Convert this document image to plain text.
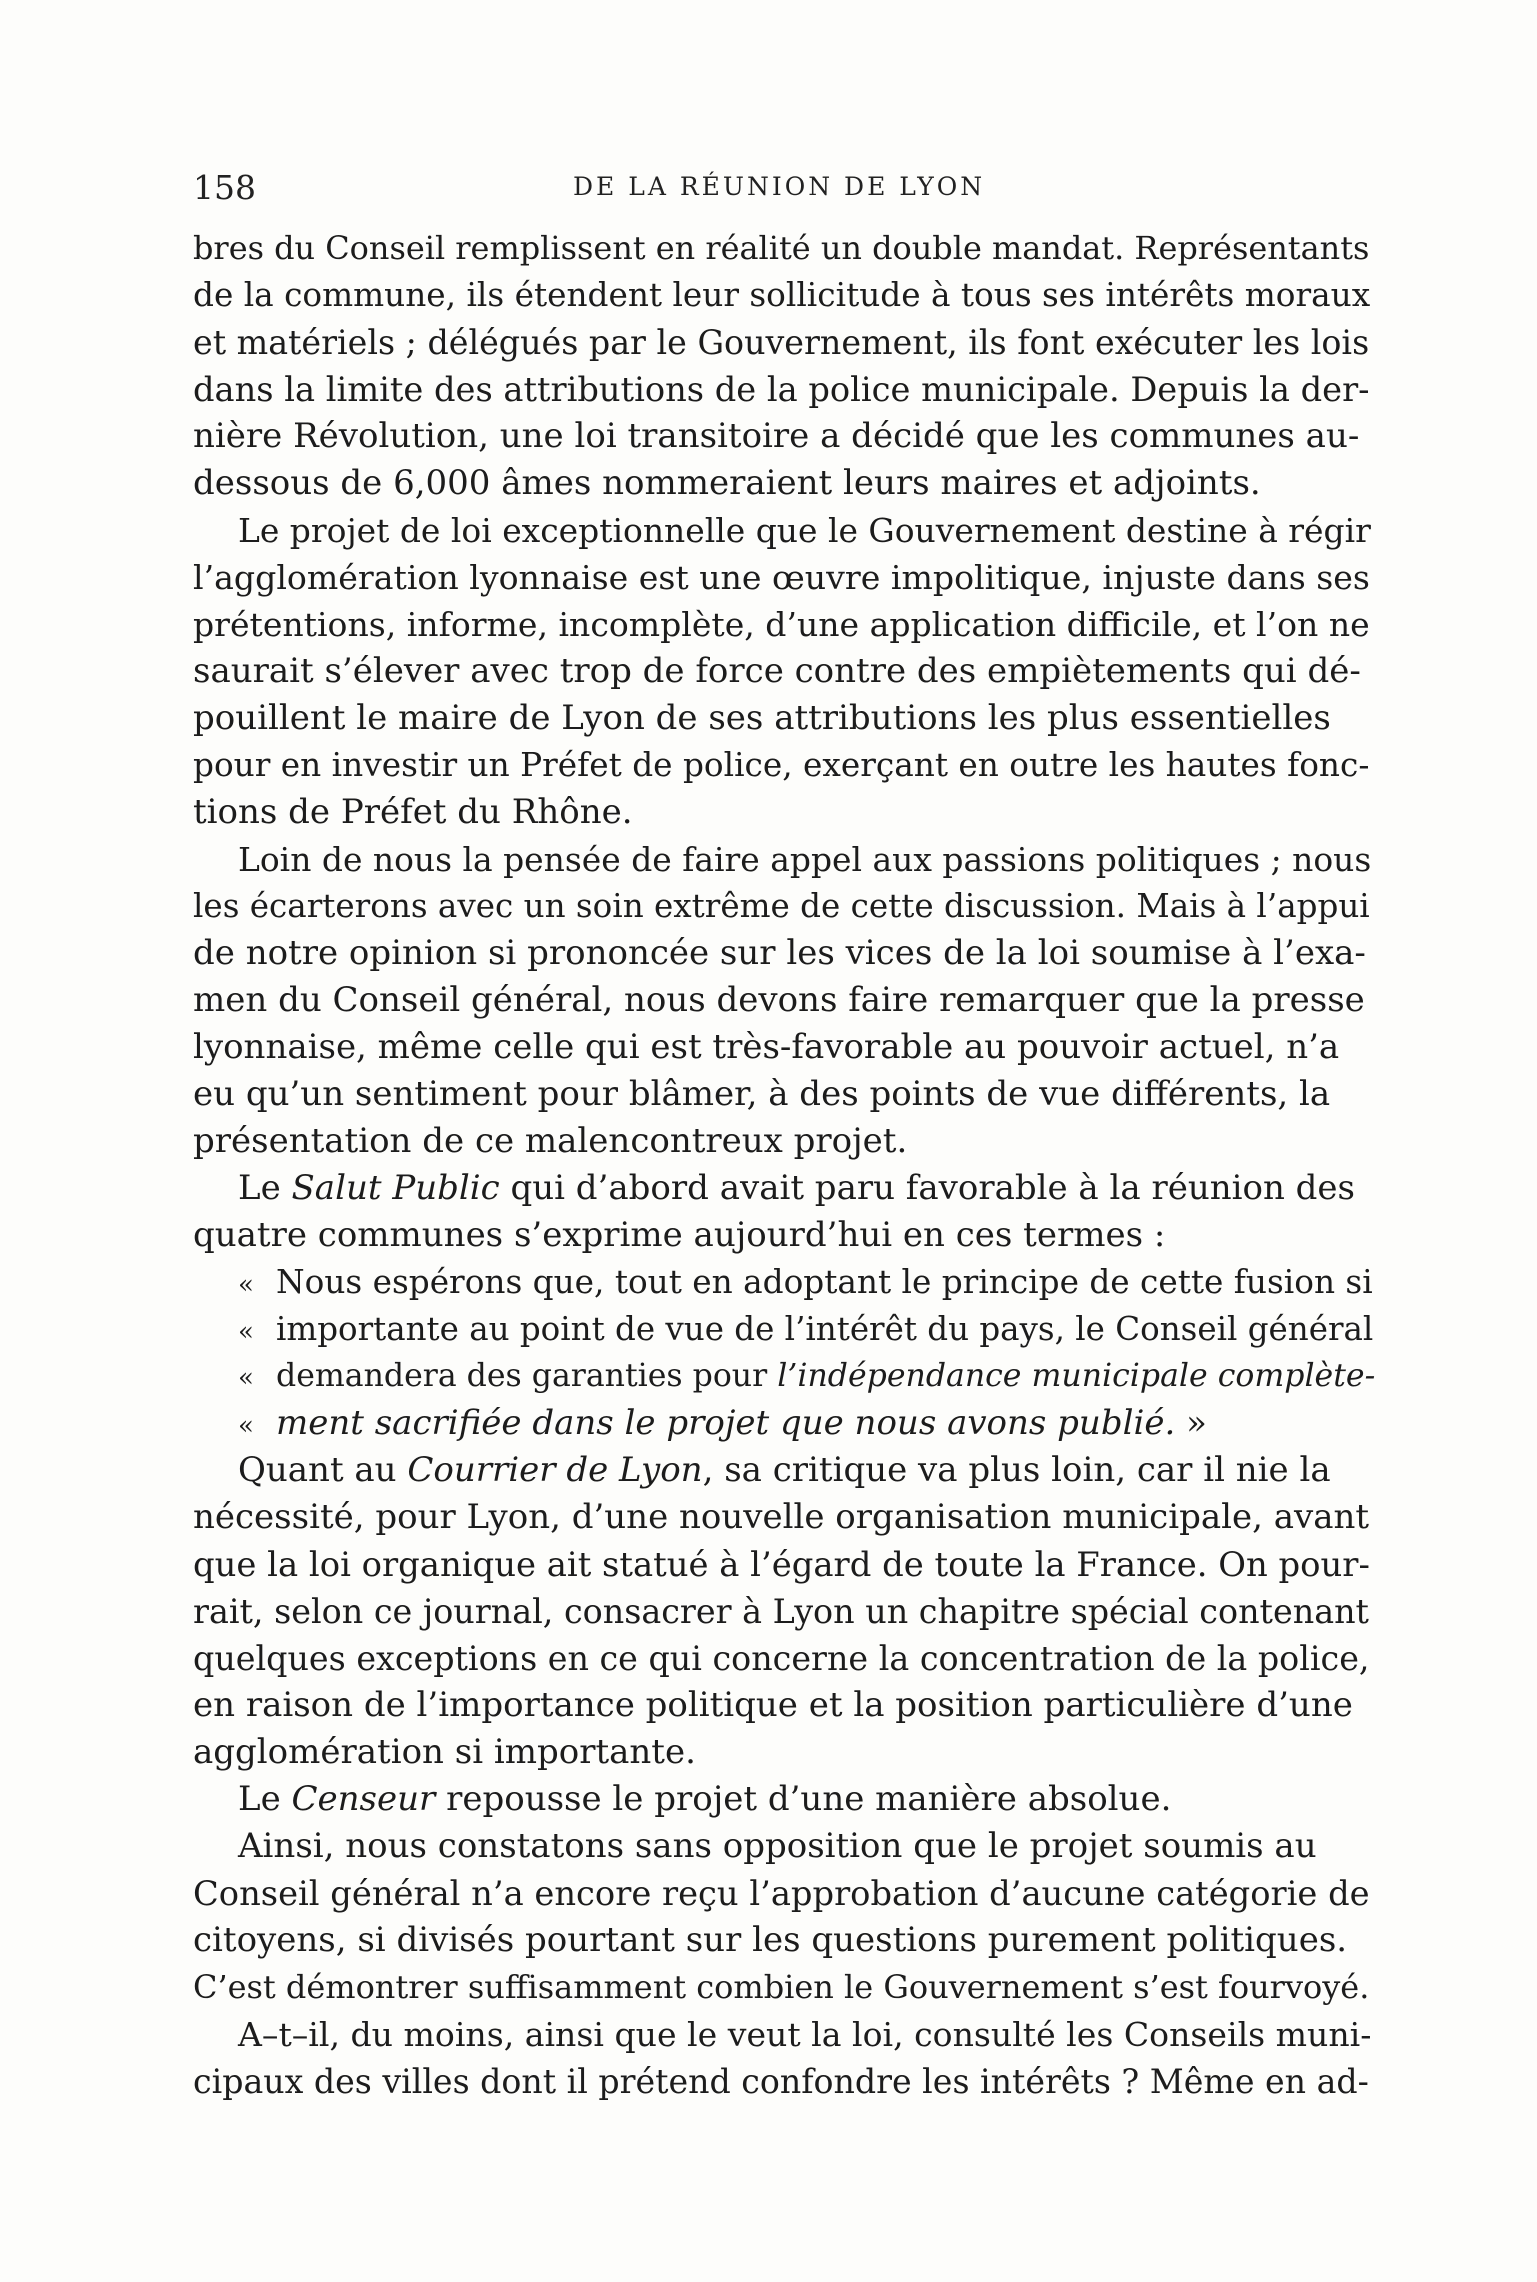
158	DE LA RÉUNION DE LYON
bres du Conseil remplissent en réalité un double mandat. Représentants
de la commune, ils étendent leur sollicitude à tous ses intérêts moraux
et matériels ; délégués par le Gouvernement, ils font exécuter les lois
dans la limite des attributions de la police municipale. Depuis la der-
nière Révolution, une loi transitoire a décidé que les communes au-
dessous de 6,000 âmes nommeraient leurs maires et adjoints.
Le projet de loi exceptionnelle que le Gouvernement destine à régir
l’agglomération lyonnaise est une œuvre impolitique, injuste dans ses
prétentions, informe, incomplète, d’une application difficile, et l’on ne
saurait s’élever avec trop de force contre des empiètements qui dé-
pouillent le maire de Lyon de ses attributions les plus essentielles
pour en investir un Préfet de police, exerçant en outre les hautes fonc-
tions de Préfet du Rhône.
Loin de nous la pensée de faire appel aux passions politiques ; nous
les écarterons avec un soin extrême de cette discussion. Mais à l’appui
de notre opinion si prononcée sur les vices de la loi soumise à l’exa-
men du Conseil général, nous devons faire remarquer que la presse
lyonnaise, même celle qui est très-favorable au pouvoir actuel, n’a
eu qu’un sentiment pour blâmer, à des points de vue différents, la
présentation de ce malencontreux projet.
Le Salut Public qui d’abord avait paru favorable à la réunion des
quatre communes s’exprime aujourd’hui en ces termes :
« Nous espérons que, tout en adoptant le principe de cette fusion si
« importante au point de vue de l’intérêt du pays, le Conseil général
« demandera des garanties pour l’indépendance municipale complète-
« ment sacrifiée dans le projet que nous avons publié. »
Quant au Courrier de Lyon, sa critique va plus loin, car il nie la
nécessité, pour Lyon, d’une nouvelle organisation municipale, avant
que la loi organique ait statué à l’égard de toute la France. On pour-
rait, selon ce journal, consacrer à Lyon un chapitre spécial contenant
quelques exceptions en ce qui concerne la concentration de la police,
en raison de l’importance politique et la position particulière d’une
agglomération si importante.
Le Censeur repousse le projet d’une manière absolue.
Ainsi, nous constatons sans opposition que le projet soumis au
Conseil général n’a encore reçu l’approbation d’aucune catégorie de
citoyens, si divisés pourtant sur les questions purement politiques.
C’est démontrer suffisamment combien le Gouvernement s’est fourvoyé.
A–t–il, du moins, ainsi que le veut la loi, consulté les Conseils muni-
cipaux des villes dont il prétend confondre les intérêts ? Même en ad-
